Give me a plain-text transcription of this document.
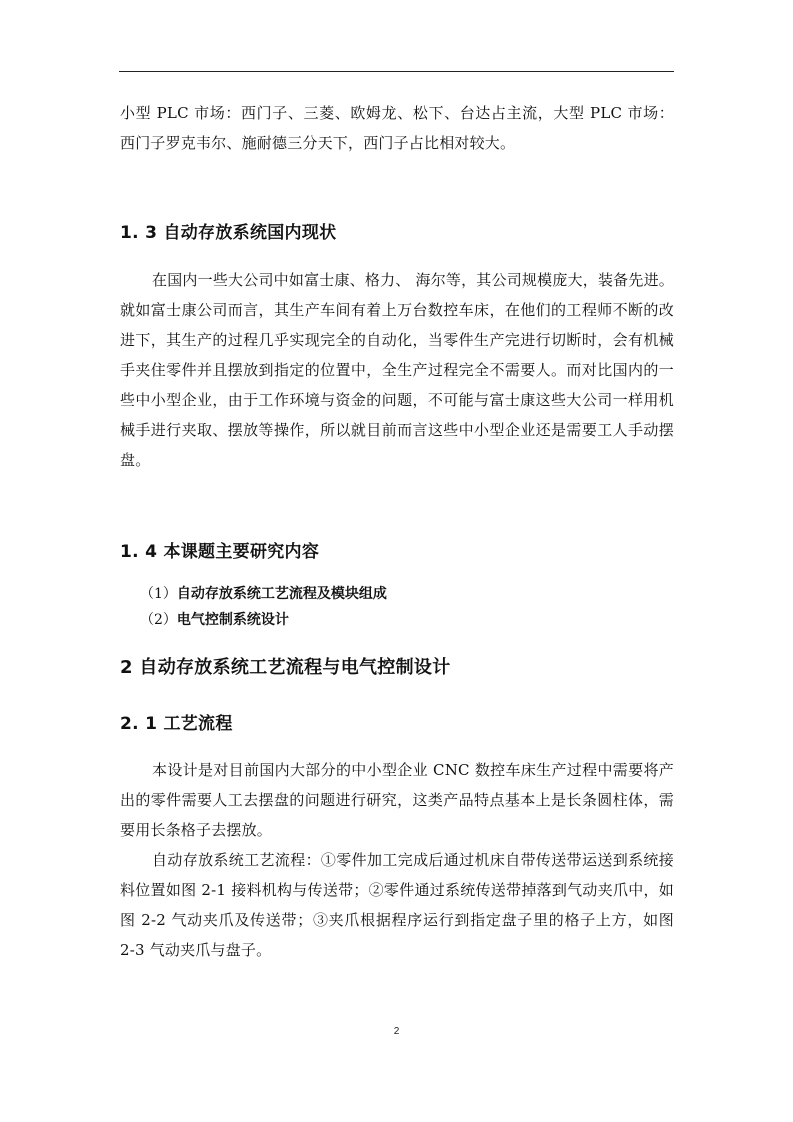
小型 PLC 市场：西门子、三菱、欧姆龙、松下、台达占主流，大型 PLC 市场：西门子罗克韦尔、施耐德三分天下，西门子占比相对较大。

1. 3 自动存放系统国内现状

在国内一些大公司中如富士康、格力、 海尔等，其公司规模庞大，装备先进。就如富士康公司而言，其生产车间有着上万台数控车床，在他们的工程师不断的改进下，其生产的过程几乎实现完全的自动化，当零件生产完进行切断时，会有机械手夹住零件并且摆放到指定的位置中，全生产过程完全不需要人。而对比国内的一些中小型企业，由于工作环境与资金的问题，不可能与富士康这些大公司一样用机械手进行夹取、摆放等操作，所以就目前而言这些中小型企业还是需要工人手动摆盘。

1. 4 本课题主要研究内容

（1）自动存放系统工艺流程及模块组成

（2）电气控制系统设计

2 自动存放系统工艺流程与电气控制设计
2. 1 工艺流程

本设计是对目前国内大部分的中小型企业 CNC 数控车床生产过程中需要将产出的零件需要人工去摆盘的问题进行研究，这类产品特点基本上是长条圆柱体，需要用长条格子去摆放。

自动存放系统工艺流程：①零件加工完成后通过机床自带传送带运送到系统接料位置如图 2-1 接料机构与传送带；②零件通过系统传送带掉落到气动夹爪中，如图 2-2 气动夹爪及传送带；③夹爪根据程序运行到指定盘子里的格子上方，如图 2-3 气动夹爪与盘子。

2
